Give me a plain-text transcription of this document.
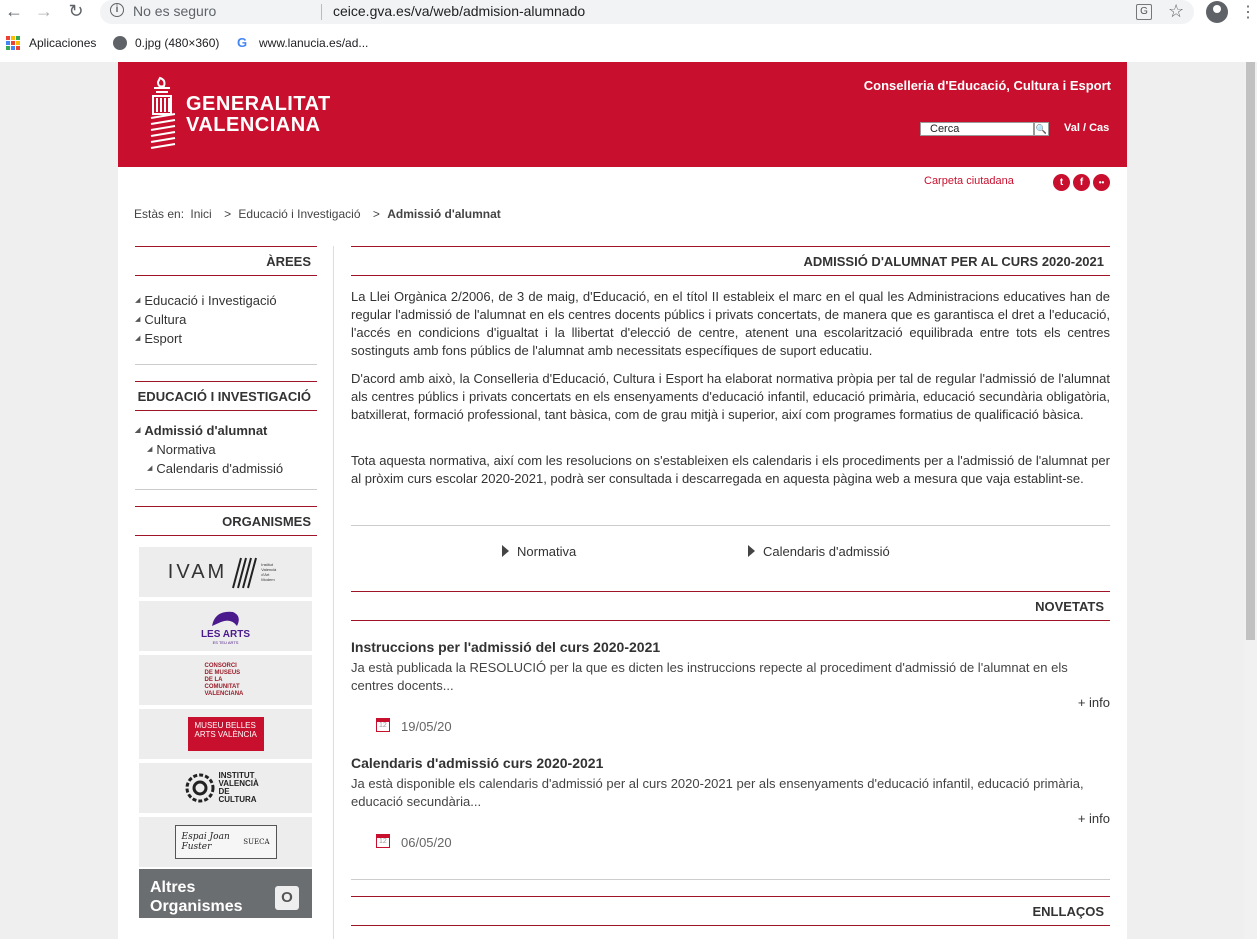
← → ↻	i	No es seguro	ceice.gva.es/va/web/admision-alumnado	G ☆	⋮
Aplicaciones	0.jpg (480×360) G www.lanucia.es/ad...
GENERALITAT
VALENCIANA
Conselleria d'Educació, Cultura i Esport
Cerca	🔍 Val / Cas
Carpeta ciutadana	t	f	••
Estàs en: Inici > Educació i Investigació > Admissió d'alumnat
ÀREES
◢ Educació i Investigació
◢ Cultura
◢ Esport
EDUCACIÓ I INVESTIGACIÓ
◢ Admissió d'alumnat
◢ Normativa
◢ Calendaris d'admissió
ORGANISMES
IVAM	Institut Valencià d'Art Modern
LES ARTS
ES TEU ARTS
CONSORCI DE MUSEUS DE LA COMUNITAT VALENCIANA
MUSEU BELLES ARTS VALÈNCIA
INSTITUT VALENCIÀ DE CULTURA
Espai Joan Fuster	SUECA
Altres
Organismes
O
ADMISSIÓ D'ALUMNAT PER AL CURS 2020-2021
La Llei Orgànica 2/2006, de 3 de maig, d'Educació, en el títol II estableix el marc en el qual les Administracions educatives han de regular l'admissió de l'alumnat en els centres docents públics i privats concertats, de manera que es garantisca el dret a l'educació, l'accés en condicions d'igualtat i la llibertat d'elecció de centre, atenent una escolarització equilibrada entre tots els centres sostinguts amb fons públics de l'alumnat amb necessitats específiques de suport educatiu.
D'acord amb això, la Conselleria d'Educació, Cultura i Esport ha elaborat normativa pròpia per tal de regular l'admissió de l'alumnat als centres públics i privats concertats en els ensenyaments d'educació infantil, educació primària, educació secundària obligatòria, batxillerat, formació professional, tant bàsica, com de grau mitjà i superior, així com programes formatius de qualificació bàsica.
Tota aquesta normativa, així com les resolucions on s'estableixen els calendaris i els procediments per a l'admissió de l'alumnat per al pròxim curs escolar 2020-2021, podrà ser consultada i descarregada en aquesta pàgina web a mesura que vaja establint-se.
Normativa	Calendaris d'admissió
NOVETATS
Instruccions per l'admissió del curs 2020-2021
Ja està publicada la RESOLUCIÓ per la que es dicten les instruccions repecte al procediment d'admissió de l'alumnat en els centres docents...
+ info
12
19/05/20
Calendaris d'admissió curs 2020-2021
Ja està disponible els calendaris d'admissió per al curs 2020-2021 per als ensenyaments d'educació infantil, educació primària, educació secundària...
+ info
12
06/05/20
ENLLAÇOS
